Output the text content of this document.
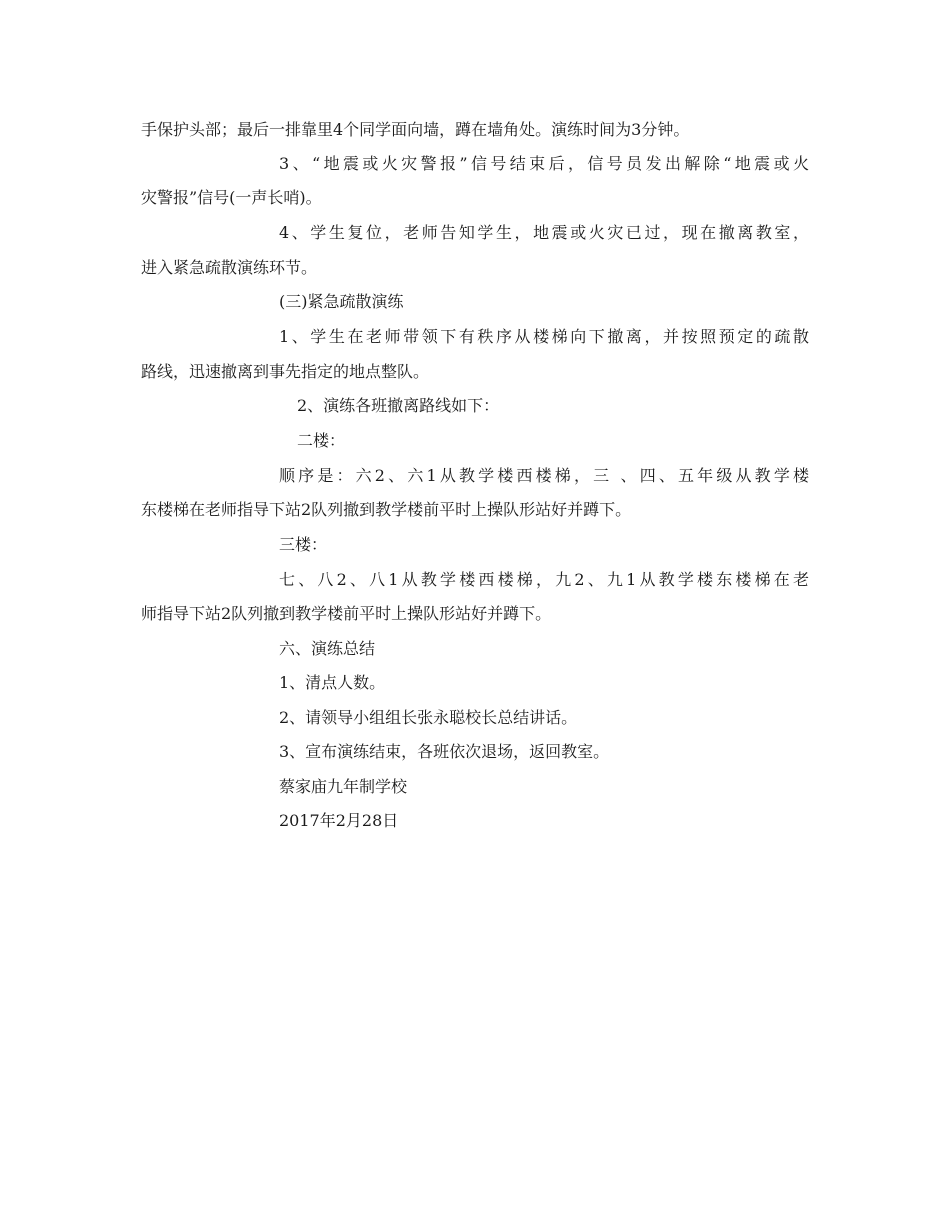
手保护头部；最后一排靠里4个同学面向墙，蹲在墙角处。演练时间为3分钟。
3、“地震或火灾警报”信号结束后，信号员发出解除“地震或火
灾警报”信号(一声长哨)。
4、学生复位，老师告知学生，地震或火灾已过，现在撤离教室，
进入紧急疏散演练环节。
(三)紧急疏散演练
1、学生在老师带领下有秩序从楼梯向下撤离，并按照预定的疏散
路线，迅速撤离到事先指定的地点整队。
2、演练各班撤离路线如下：
二楼：
顺序是：六2、六1从教学楼西楼梯，三 、四、五年级从教学楼
东楼梯在老师指导下站2队列撤到教学楼前平时上操队形站好并蹲下。
三楼：
七、八2、八1从教学楼西楼梯，九2、九1从教学楼东楼梯在老
师指导下站2队列撤到教学楼前平时上操队形站好并蹲下。
六、演练总结
1、清点人数。
2、请领导小组组长张永聪校长总结讲话。
3、宣布演练结束，各班依次退场，返回教室。
蔡家庙九年制学校
2017年2月28日
